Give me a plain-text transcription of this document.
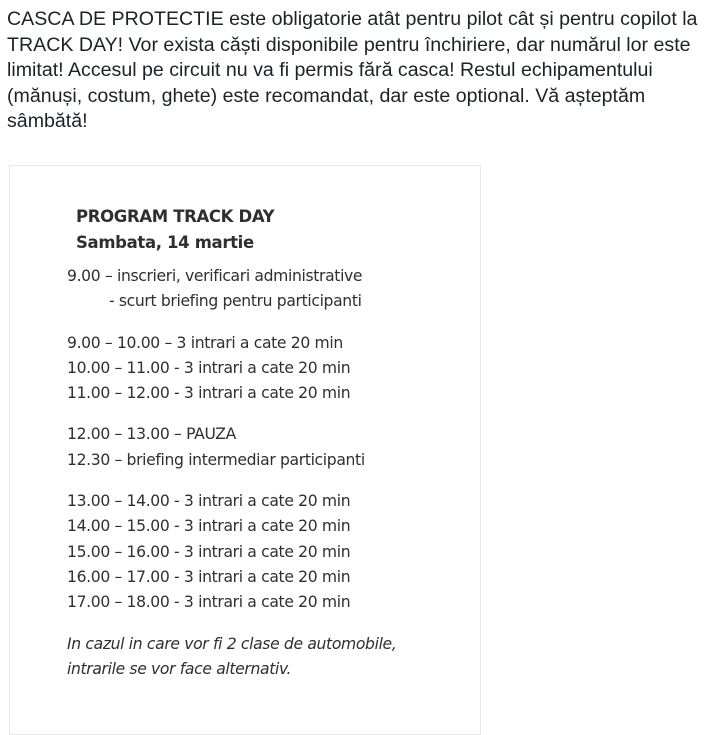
CASCA DE PROTECTIE este obligatorie atât pentru pilot cât și pentru copilot la TRACK DAY! Vor exista căști disponibile pentru închiriere, dar numărul lor este limitat! Accesul pe circuit nu va fi permis fără casca! Restul echipamentului (mănuși, costum, ghete) este recomandat, dar este optional. Vă așteptăm sâmbătă!

PROGRAM TRACK DAY
Sambata, 14 martie
9.00 – inscrieri, verificari administrative
- scurt briefing pentru participanti
9.00 – 10.00 – 3 intrari a cate 20 min
10.00 – 11.00 - 3 intrari a cate 20 min
11.00 – 12.00 - 3 intrari a cate 20 min
12.00 – 13.00 – PAUZA
12.30 – briefing intermediar participanti
13.00 – 14.00 - 3 intrari a cate 20 min
14.00 – 15.00 - 3 intrari a cate 20 min
15.00 – 16.00 - 3 intrari a cate 20 min
16.00 – 17.00 - 3 intrari a cate 20 min
17.00 – 18.00 - 3 intrari a cate 20 min
In cazul in care vor fi 2 clase de automobile,
intrarile se vor face alternativ.
